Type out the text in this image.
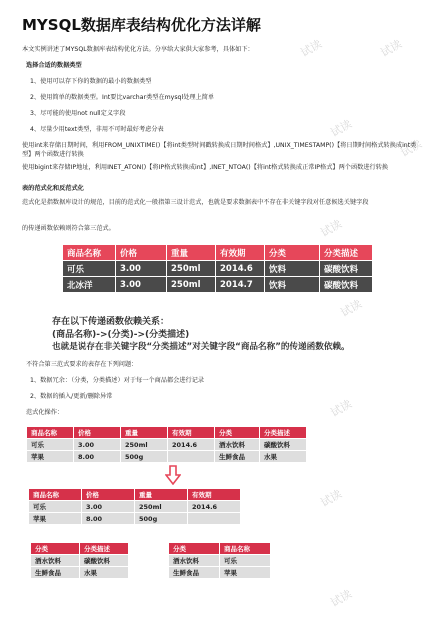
试读	试读
试读
试读
试读
试读
试读
试读
试读
MYSQL数据库表结构优化方法详解
本文实例讲述了MYSQL数据库表结构优化方法。分享给大家供大家参考，具体如下：
选择合适的数据类型
1、使用可以存下你的数据的最小的数据类型
2、使用简单的数据类型。Int要比varchar类型在mysql处理上简单
3、尽可能的使用not null定义字段
4、尽量少用text类型，非用不可时最好考虑分表
使用int来存储日期时间，利用FROM_UNIXTIME()【将int类型时间戳转换成日期时间格式】,UNIX_TIMESTAMP()【将日期时间格式转换成int类型】两个函数进行转换
使用bigint来存储IP地址，利用INET_ATON()【将IP格式转换成int】,INET_NTOA()【将int格式转换成正常IP格式】两个函数进行转换
表的范式化和反范式化
范式化是指数据库设计的规范，目前的范式化一般指第三设计范式，也就是要求数据表中不存在非关键字段对任意候选关键字段
的传递函数依赖则符合第三范式。
商品名称	价格	重量	有效期	分类	分类描述
可乐	3.00	250ml	2014.6	饮料	碳酸饮料
北冰洋	3.00	250ml	2014.7	饮料	碳酸饮料
存在以下传递函数依赖关系：
(商品名称)->(分类)->(分类描述)
也就是说存在非关键字段“分类描述”对关键字段“商品名称”的传递函数依赖。
不符合第三范式要求的表存在下列问题：
1、数据冗余：（分类，分类描述）对于每一个商品都会进行记录
2、数据的插入/更新/删除异常
范式化操作：
商品名称	价格	重量	有效期	分类	分类描述
可乐	3.00	250ml	2014.6	酒水饮料	碳酸饮料
苹果	8.00	500g		生鲜食品	水果
商品名称	价格	重量	有效期
可乐	3.00	250ml	2014.6
苹果	8.00	500g	
分类	分类描述
酒水饮料	碳酸饮料
生鲜食品	水果
分类	商品名称
酒水饮料	可乐
生鲜食品	苹果
